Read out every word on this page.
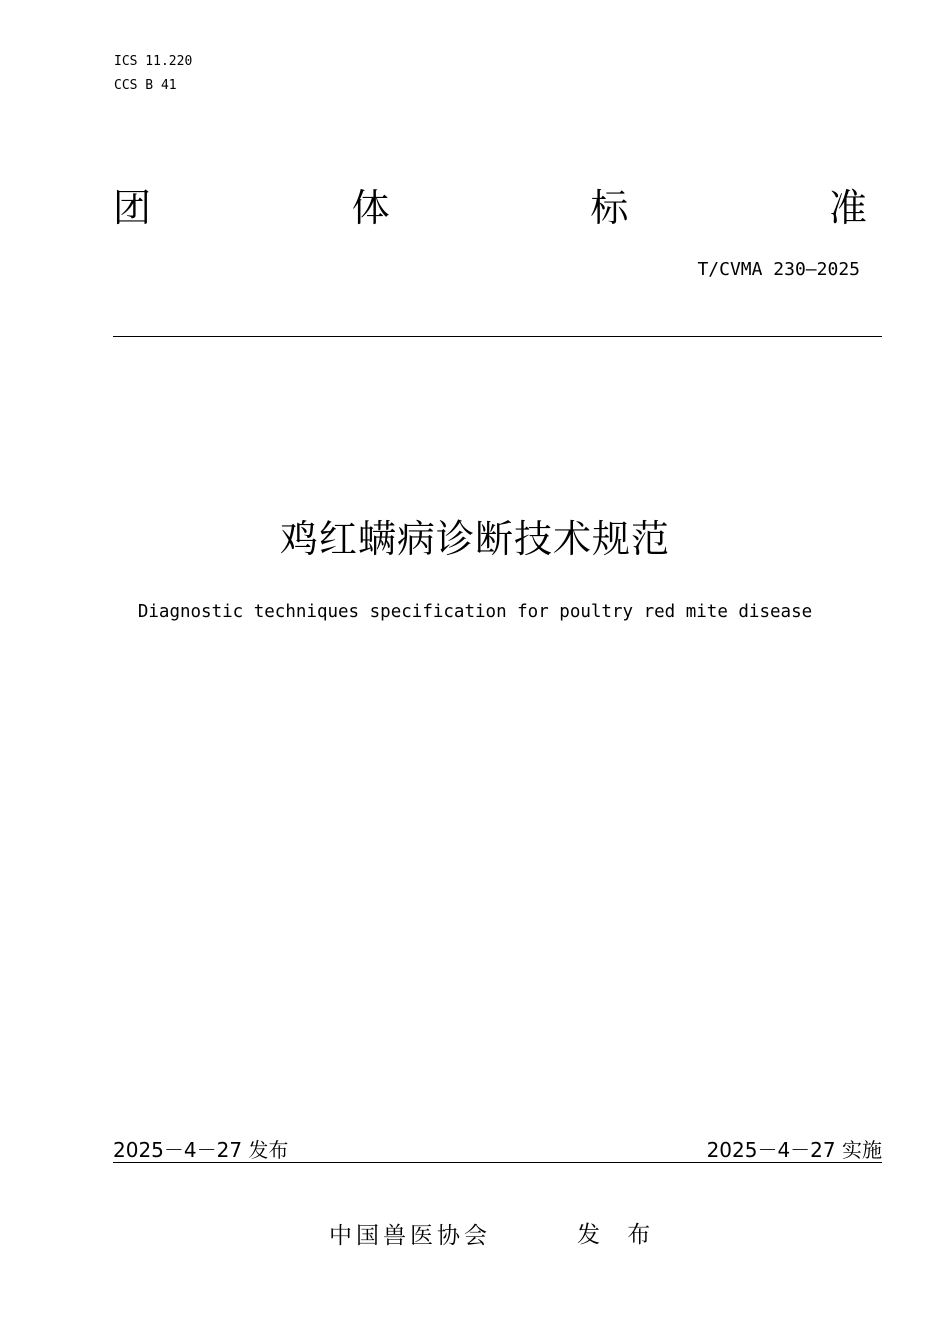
ICS 11.220
CCS B 41
团	体	标	准
T/CVMA 230—2025
鸡红螨病诊断技术规范
Diagnostic techniques specification for poultry red mite disease
2025－4－27 发布	2025－4－27 实施
中国兽医协会	发 布
